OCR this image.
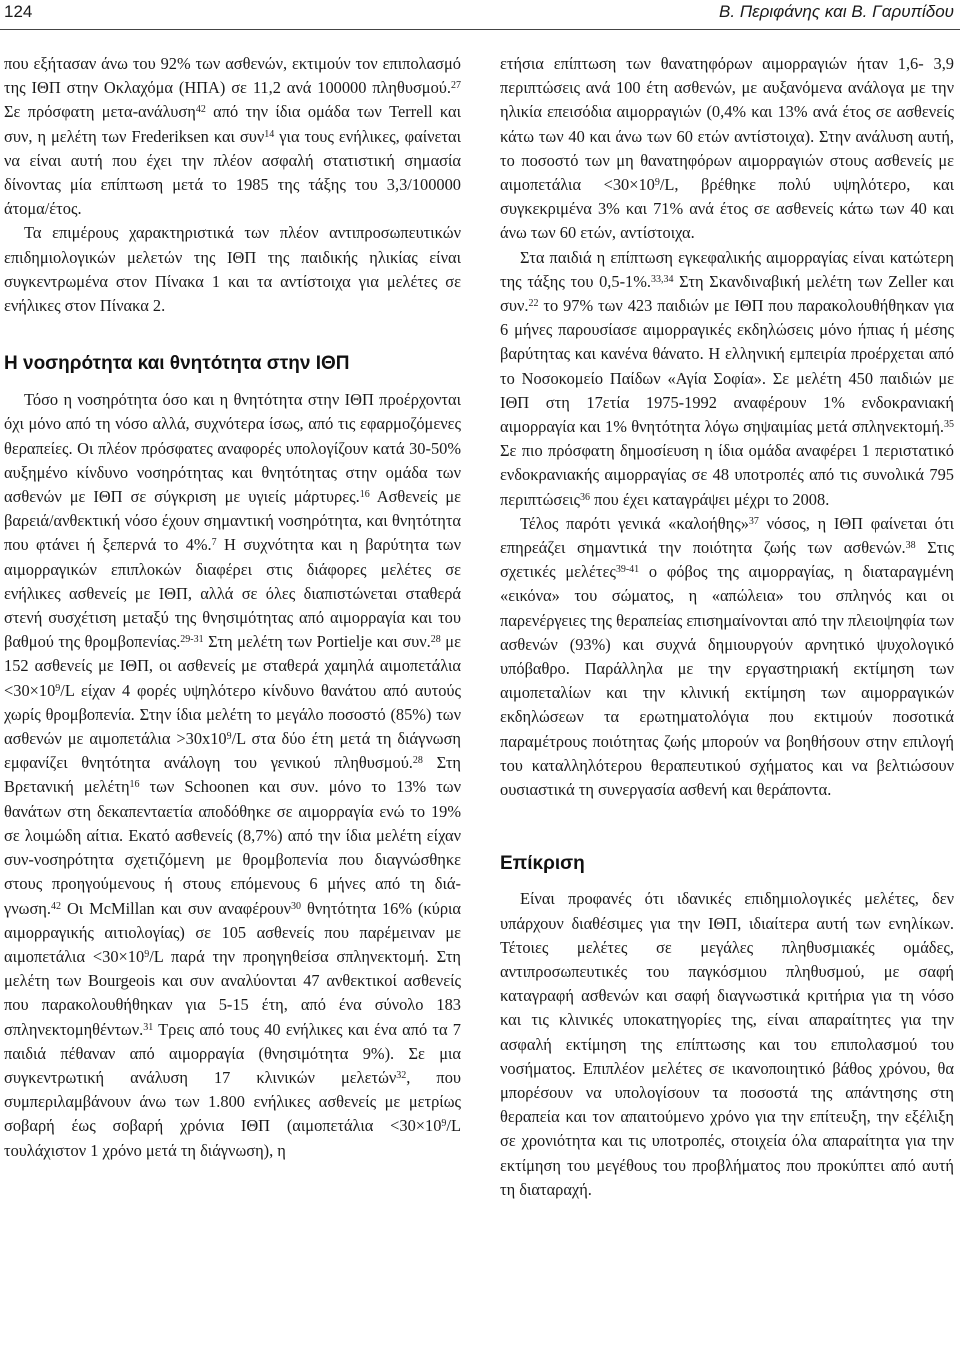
124	Β. Περιφάνης και Β. Γαρυπίδου

που εξήτασαν άνω του 92% των ασθενών, εκτιμούν τον επιπολασμό της ΙΘΠ στην Οκλαχόμα (ΗΠΑ) σε 11,2 ανά 100000 πληθυσμού.$^{27}$ Σε πρόσφατη μετα-ανάλυση$^{42}$ από την ίδια ομάδα των Terrell και συν, η μελέτη των Frederiksen και συν$^{14}$ για τους ενήλικες, φαίνεται να είναι αυτή που έχει την πλέον ασφαλή στατιστική σημασία δίνοντας μία επίπτωση μετά το 1985 της τάξης του 3,3/100000 άτομα/έτος.

Τα επιμέρους χαρακτηριστικά των πλέον αντιπροσωπευτικών επιδημιολογικών μελετών της ΙΘΠ της παιδικής ηλικίας είναι συγκεντρωμένα στον Πίνακα 1 και τα αντίστοιχα για μελέτες σε ενήλικες στον Πίνακα 2.

Η νοσηρότητα και θνητότητα στην ΙΘΠ

Τόσο η νοσηρότητα όσο και η θνητότητα στην ΙΘΠ προέρχονται όχι μόνο από τη νόσο αλλά, συχνότερα ίσως, από τις εφαρμοζόμενες θεραπείες. Οι πλέον πρόσφατες αναφορές υπολογίζουν κατά 30-50% αυξημένο κίνδυνο νοσηρότητας και θνητότητας στην ομάδα των ασθενών με ΙΘΠ σε σύγκριση με υγιείς μάρτυρες.$^{16}$ Ασθενείς με βαρειά/ανθεκτική νόσο έχουν σημαντική νοσηρότητα, και θνητότητα που φτάνει ή ξεπερνά το 4%.$^7$ Η συχνότητα και η βαρύτητα των αιμορραγικών επιπλοκών διαφέρει στις διάφορες μελέτες σε ενήλικες ασθενείς με ΙΘΠ, αλλά σε όλες διαπιστώνεται σταθερά στενή συσχέτιση μεταξύ της θνησιμότητας από αιμορραγία και του βαθμού της θρομβοπενίας.$^{29-31}$ Στη μελέτη των Portielje και συν.$^{28}$ με 152 ασθενείς με ΙΘΠ, οι ασθενείς με σταθερά χαμηλά $\alpha\iota\mu o\pi\varepsilon\tau ά\lambda\iota\alpha <30\times 10^9/L$ είχαν 4 φορές υψηλότερο κίνδυνο θανάτου από αυτούς χωρίς θρομβοπενία. Στην ίδια μελέτη το μεγάλο ποσοστό (85%) των ασθενών με $\alpha\iota\mu o\pi\varepsilon\tau ά\lambda\iota\alpha >30x10^9/L$ στα δύο έτη μετά τη διάγνωση εμφανίζει θνητότητα ανάλογη του γενικού πληθυσμού.$^{28}$ Στη Βρετανική μελέτη$^{16}$ των Schoonen και συν. μόνο το 13% των θανάτων στη δεκαπενταετία αποδόθηκε σε αιμορραγία ενώ το 19% σε λοιμώδη αίτια. Εκατό ασθενείς (8,7%) από την ίδια μελέτη είχαν συν-νοσηρότητα σχετιζόμενη με θρομβοπενία που διαγνώσθηκε στους προηγούμενους ή στους επόμενους 6 μήνες από τη διάγνωση.$^{42}$ Οι McMillan και συν αναφέρουν$^{30}$ θνητότητα 16% (κύρια αιμορραγικής αιτιολογίας) σε 105 ασθενείς που παρέμειναν με $\alpha\iota\mu o\pi\varepsilon\tau ά\lambda\iota\alpha <30\times 10^9/L$ παρά την προηγηθείσα σπληνεκτομή. Στη μελέτη των Bourgeois και συν αναλύονται 47 ανθεκτικοί ασθενείς που παρακολουθήθηκαν για 5-15 έτη, από ένα σύνολο 183 σπληνεκτομηθέντων.$^{31}$ Τρεις από τους 40 ενήλικες και ένα από τα 7 παιδιά πέθαναν από αιμορραγία (θνησιμότητα 9%). Σε μια συγκεντρωτική ανάλυση 17 κλινικών μελετών$^{32}$, που συμπεριλαμβάνουν άνω των 1.800 ενήλικες ασθενείς με μετρίως σοβαρή έως σοβαρή χρόνια ΙΘΠ ($\alpha\iota\mu o\pi\varepsilon\tau ά\lambda\iota\alpha <30\times 10^9/L$ τουλάχιστον 1 χρόνο μετά τη διάγνωση), η

ετήσια επίπτωση των θανατηφόρων αιμορραγιών ήταν 1,6- 3,9 περιπτώσεις ανά 100 έτη ασθενών, με αυξανόμενα ανάλογα με την ηλικία επεισόδια αιμορραγιών (0,4% και 13% ανά έτος σε ασθενείς κάτω των 40 και άνω των 60 ετών αντίστοιχα). Στην ανάλυση αυτή, το ποσοστό των μη θανατηφόρων αιμορραγιών στους ασθενείς με $\alpha\iota\mu o\pi\varepsilon\tau ά\lambda\iota\alpha <30\times 10^9/L$, βρέθηκε πολύ υψηλότερο, και συγκεκριμένα 3% και 71% ανά έτος σε ασθενείς κάτω των 40 και άνω των 60 ετών, αντίστοιχα.

Στα παιδιά η επίπτωση εγκεφαλικής αιμορραγίας είναι κατώτερη της τάξης του 0,5-1%.$^{33,34}$ Στη Σκανδιναβική μελέτη των Zeller και συν.$^{22}$ το 97% των 423 παιδιών με ΙΘΠ που παρακολουθήθηκαν για 6 μήνες παρουσίασε αιμορραγικές εκδηλώσεις μόνο ήπιας ή μέσης βαρύτητας και κανένα θάνατο. Η ελληνική εμπειρία προέρχεται από το Νοσοκομείο Παίδων «Αγία Σοφία». Σε μελέτη 450 παιδιών με ΙΘΠ στη 17ετία 1975-1992 αναφέρουν 1% ενδοκρανιακή αιμορραγία και 1% θνητότητα λόγω σηψαιμίας μετά σπληνεκτομή.$^{35}$ Σε πιο πρόσφατη δημοσίευση η ίδια ομάδα αναφέρει 1 περιστατικό ενδοκρανιακής αιμορραγίας σε 48 υποτροπές από τις συνολικά 795 περιπτώσεις$^{36}$ που έχει καταγράψει μέχρι το 2008.

Τέλος παρότι γενικά «καλοήθης»$^{37}$ νόσος, η ΙΘΠ φαίνεται ότι επηρεάζει σημαντικά την ποιότητα ζωής των ασθενών.$^{38}$ Στις σχετικές μελέτες$^{39-41}$ ο φόβος της αιμορραγίας, η διαταραγμένη «εικόνα» του σώματος, η «απώλεια» του σπληνός και οι παρενέργειες της θεραπείας επισημαίνονται από την πλειοψηφία των ασθενών (93%) και συχνά δημιουργούν αρνητικό ψυχολογικό υπόβαθρο. Παράλληλα με την εργαστηριακή εκτίμηση των αιμοπεταλίων και την κλινική εκτίμηση των αιμορραγικών εκδηλώσεων τα ερωτηματολόγια που εκτιμούν ποσοτικά παραμέτρους ποιότητας ζωής μπορούν να βοηθήσουν στην επιλογή του καταλληλότερου θεραπευτικού σχήματος και να βελτιώσουν ουσιαστικά τη συνεργασία ασθενή και θεράποντα.

Επίκριση

Είναι προφανές ότι ιδανικές επιδημιολογικές μελέτες, δεν υπάρχουν διαθέσιμες για την ΙΘΠ, ιδιαίτερα αυτή των ενηλίκων. Τέτοιες μελέτες σε μεγάλες πληθυσμιακές ομάδες, αντιπροσωπευτικές του παγκόσμιου πληθυσμού, με σαφή καταγραφή ασθενών και σαφή διαγνωστικά κριτήρια για τη νόσο και τις κλινικές υποκατηγορίες της, είναι απαραίτητες για την ασφαλή εκτίμηση της επίπτωσης και του επιπολασμού του νοσήματος. Επιπλέον μελέτες σε ικανοποιητικό βάθος χρόνου, θα μπορέσουν να υπολογίσουν τα ποσοστά της απάντησης στη θεραπεία και τον απαιτούμενο χρόνο για την επίτευξη, την εξέλιξη σε χρονιότητα και τις υποτροπές, στοιχεία όλα απαραίτητα για την εκτίμηση του μεγέθους του προβλήματος που προκύπτει από αυτή τη διαταραχή.
